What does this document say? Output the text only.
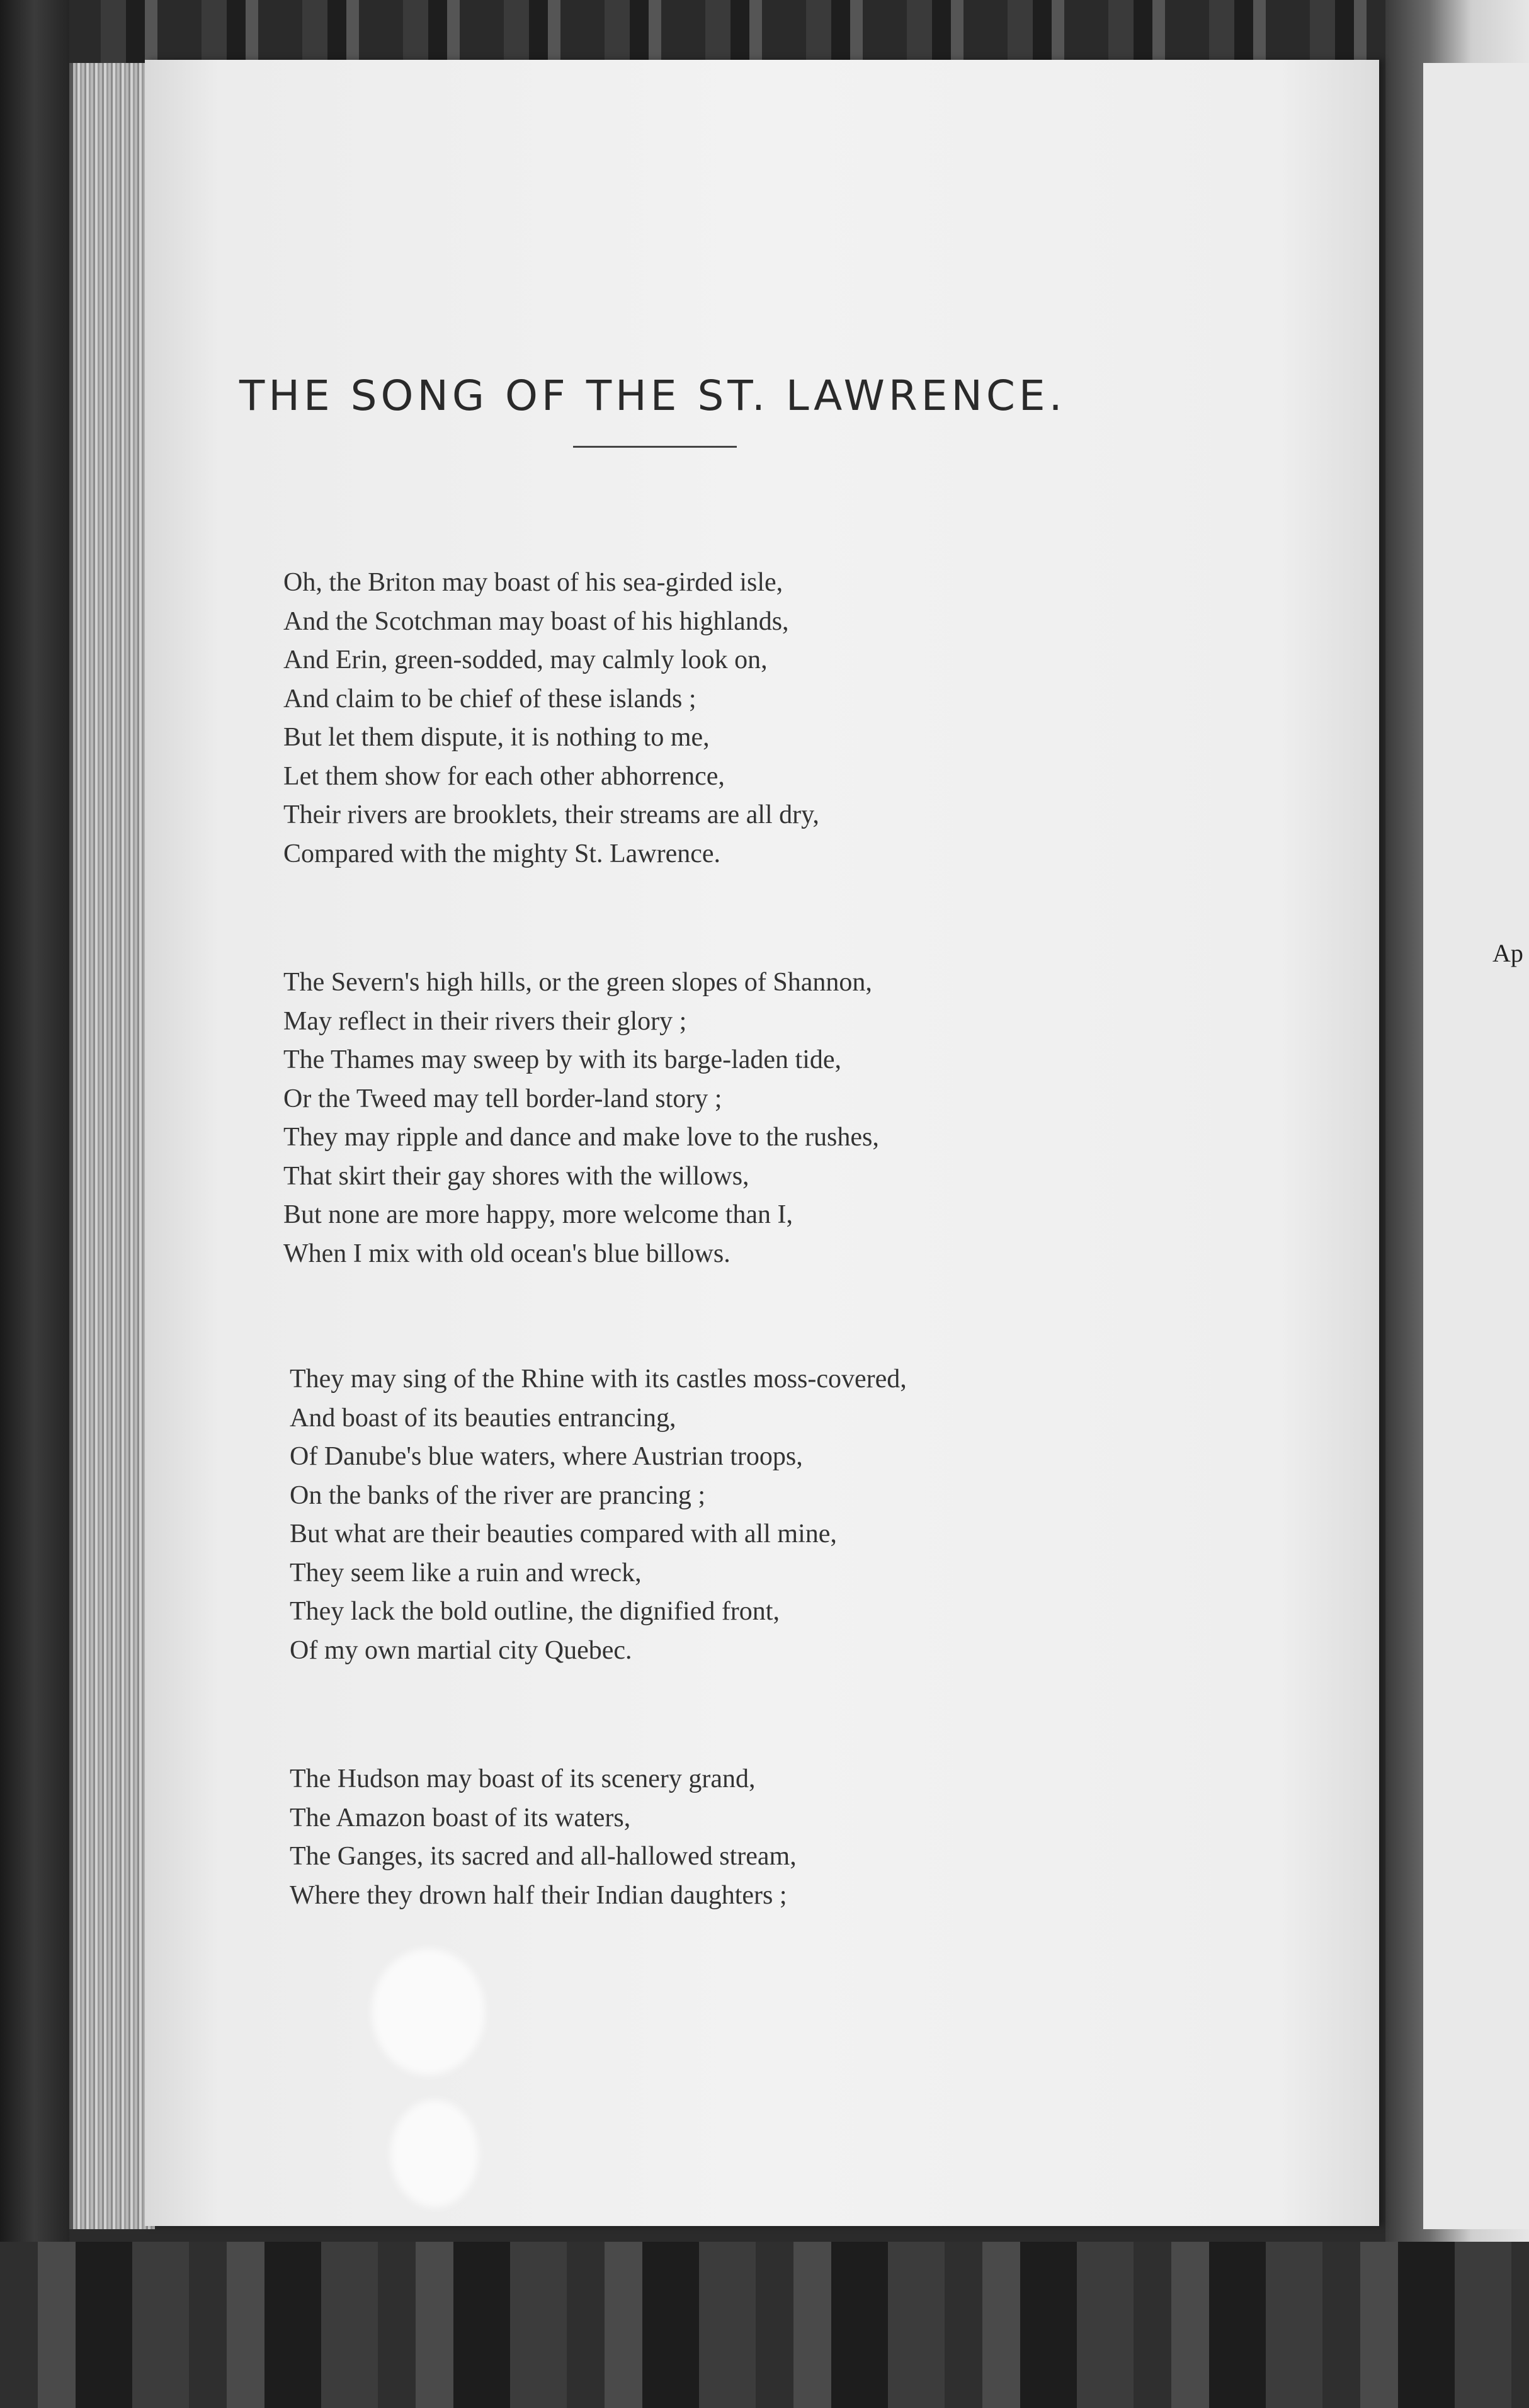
Ap
THE SONG OF THE ST. LAWRENCE.
Oh, the Briton may boast of his sea-girded isle,
And the Scotchman may boast of his highlands,
And Erin, green-sodded, may calmly look on,
And claim to be chief of these islands ;
But let them dispute, it is nothing to me,
Let them show for each other abhorrence,
Their rivers are brooklets, their streams are all dry,
Compared with the mighty St. Lawrence.
The Severn's high hills, or the green slopes of Shannon,
May reflect in their rivers their glory ;
The Thames may sweep by with its barge-laden tide,
Or the Tweed may tell border-land story ;
They may ripple and dance and make love to the rushes,
That skirt their gay shores with the willows,
But none are more happy, more welcome than I,
When I mix with old ocean's blue billows.
They may sing of the Rhine with its castles moss-covered,
And boast of its beauties entrancing,
Of Danube's blue waters, where Austrian troops,
On the banks of the river are prancing ;
But what are their beauties compared with all mine,
They seem like a ruin and wreck,
They lack the bold outline, the dignified front,
Of my own martial city Quebec.
The Hudson may boast of its scenery grand,
The Amazon boast of its waters,
The Ganges, its sacred and all-hallowed stream,
Where they drown half their Indian daughters ;
